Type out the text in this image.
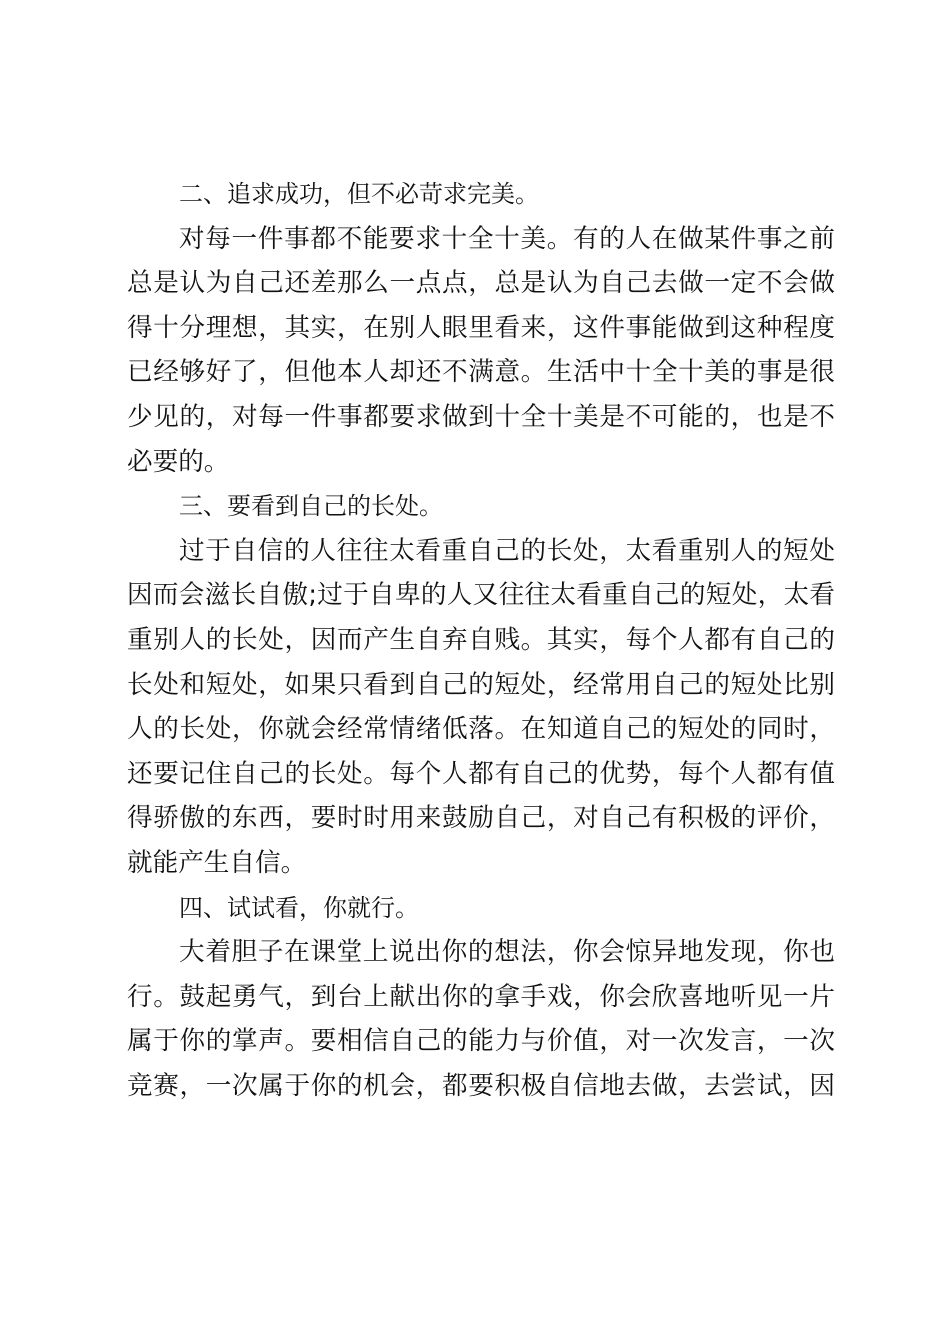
二、追求成功，但不必苛求完美。
对每一件事都不能要求十全十美。有的人在做某件事之前
总是认为自己还差那么一点点，总是认为自己去做一定不会做
得十分理想，其实，在别人眼里看来，这件事能做到这种程度
已经够好了，但他本人却还不满意。生活中十全十美的事是很
少见的，对每一件事都要求做到十全十美是不可能的，也是不
必要的。
三、要看到自己的长处。
过于自信的人往往太看重自己的长处，太看重别人的短处
因而会滋长自傲;过于自卑的人又往往太看重自己的短处，太看
重别人的长处，因而产生自弃自贱。其实，每个人都有自己的
长处和短处，如果只看到自己的短处，经常用自己的短处比别
人的长处，你就会经常情绪低落。在知道自己的短处的同时，
还要记住自己的长处。每个人都有自己的优势，每个人都有值
得骄傲的东西，要时时用来鼓励自己，对自己有积极的评价，
就能产生自信。
四、试试看，你就行。
大着胆子在课堂上说出你的想法，你会惊异地发现，你也
行。鼓起勇气，到台上献出你的拿手戏，你会欣喜地听见一片
属于你的掌声。要相信自己的能力与价值，对一次发言，一次
竞赛，一次属于你的机会，都要积极自信地去做，去尝试，因
